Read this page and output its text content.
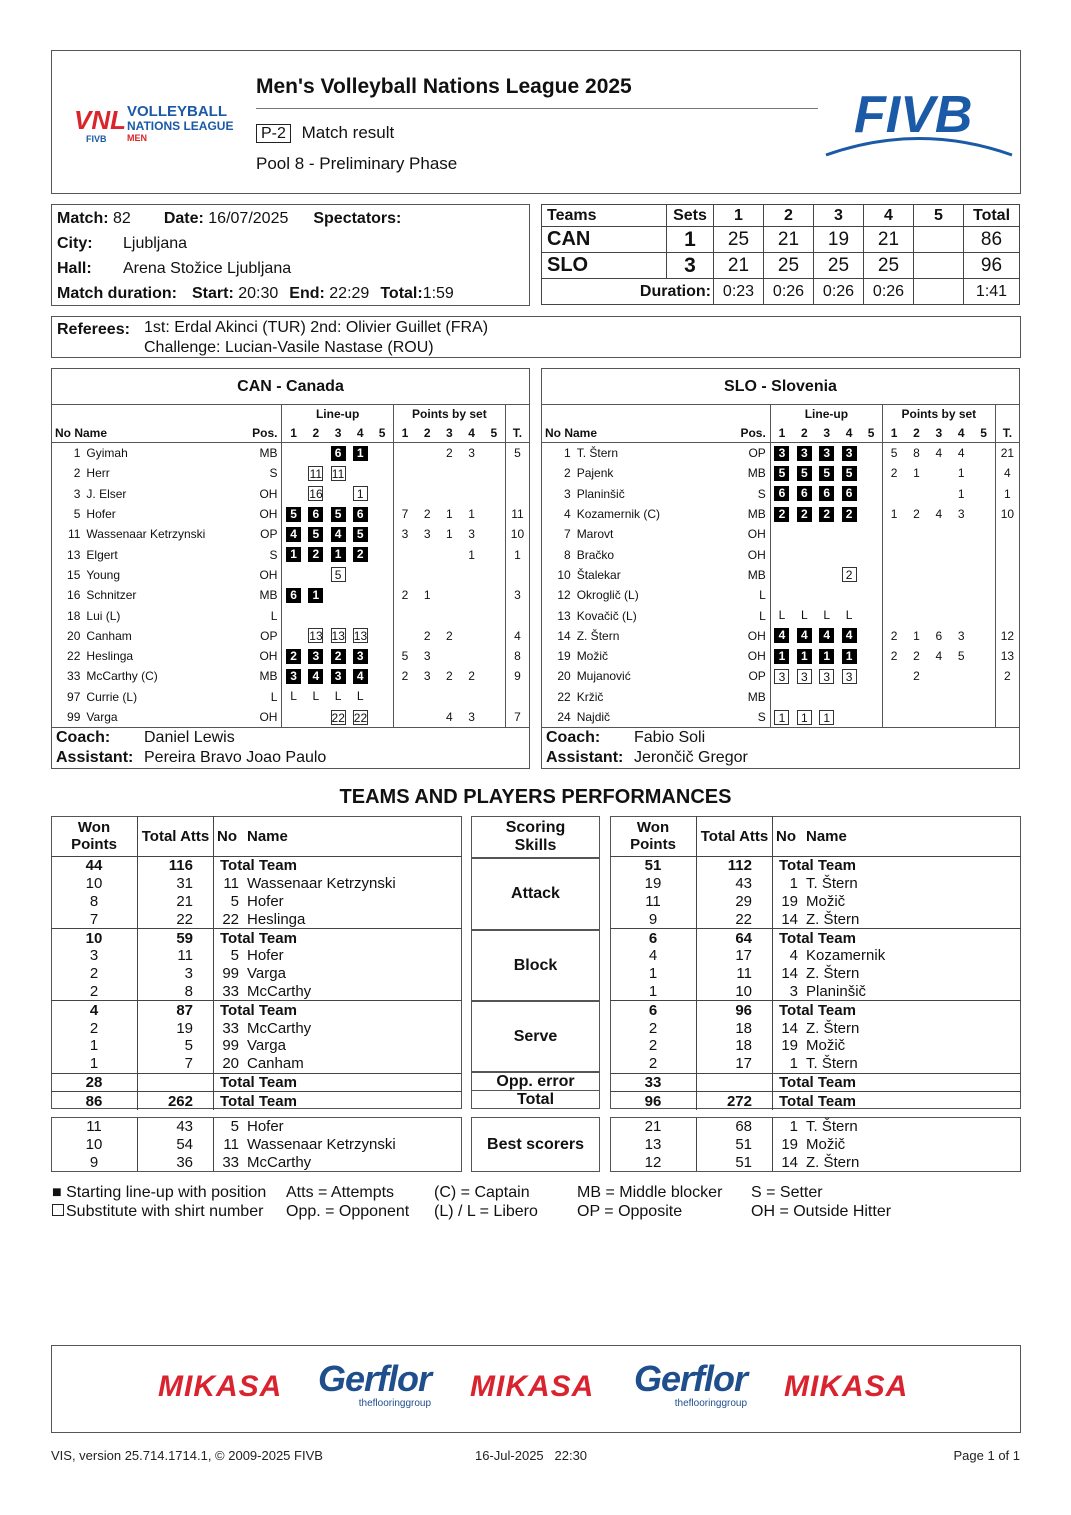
VNL
FIVB
VOLLEYBALL
NATIONS LEAGUE
MEN
Men's Volleyball Nations League 2025
P-2 Match result
Pool 8 - Preliminary Phase
FIVB
Match: 82	Date: 16/07/2025	Spectators:
City:	Ljubljana
Hall:	Arena Stožice Ljubljana
Match duration:	Start: 20:30	End: 22:29	Total:1:59
Teams	Sets	1	2	3	4	5	Total
CAN	1	25	21	19	21		86
SLO	3	21	25	25	25		96
Duration:		0:23	0:26	0:26	0:26		1:41
Referees: 1st: Erdal Akinci (TUR) 2nd: Olivier Guillet (FRA)
Challenge: Lucian-Vasile Nastase (ROU)
CAN - Canada
			Line-up					Points by set					
No Name		Pos.	1	2	3	4	5	1	2	3	4	5	T.
1	Gyimah	MB			6	1				2	3		5
2	Herr	S		11	11								
3	J. Elser	OH		16		1							
5	Hofer	OH	5	6	5	6		7	2	1	1		11
11	Wassenaar Ketrzynski	OP	4	5	4	5		3	3	1	3		10
13	Elgert	S	1	2	1	2					1		1
15	Young	OH			5								
16	Schnitzer	MB	6	1				2	1				3
18	Lui (L)	L											
20	Canham	OP		13	13	13			2	2			4
22	Heslinga	OH	2	3	2	3		5	3				8
33	McCarthy (C)	MB	3	4	3	4		2	3	2	2		9
97	Currie (L)	L	L	L	L	L							
99	Varga	OH			22	22				4	3		7
Coach: Daniel Lewis
Assistant: Pereira Bravo Joao Paulo
SLO - Slovenia
			Line-up					Points by set					
No Name		Pos.	1	2	3	4	5	1	2	3	4	5	T.
1	T. Štern	OP	3	3	3	3		5	8	4	4		21
2	Pajenk	MB	5	5	5	5		2	1		1		4
3	Planinšič	S	6	6	6	6					1		1
4	Kozamernik (C)	MB	2	2	2	2		1	2	4	3		10
7	Marovt	OH											
8	Bračko	OH											
10	Štalekar	MB				2							
12	Okroglič (L)	L											
13	Kovačič (L)	L	L	L	L	L							
14	Z. Štern	OH	4	4	4	4		2	1	6	3		12
19	Možič	OH	1	1	1	1		2	2	4	5		13
20	Mujanović	OP	3	3	3	3			2				2
22	Kržič	MB											
24	Najdič	S	1	1	1								
Coach: Fabio Soli
Assistant: Jerončič Gregor
TEAMS AND PLAYERS PERFORMANCES
Won Points	Total Atts	No Name
44	116	Total Team
10	31	11 Wassenaar Ketrzynski
8	21	5 Hofer
7	22	22 Heslinga
10	59	Total Team
3	11	5 Hofer
2	3	99 Varga
2	8	33 McCarthy
4	87	Total Team
2	19	33 McCarthy
1	5	99 Varga
1	7	20 Canham
28		Total Team
86	262	Total Team
Won Points	Total Atts	No Name
51	112	Total Team
19	43	1 T. Štern
11	29	19 Možič
9	22	14 Z. Štern
6	64	Total Team
4	17	4 Kozamernik
1	11	14 Z. Štern
1	10	3 Planinšič
6	96	Total Team
2	18	14 Z. Štern
2	18	19 Možič
2	17	1 T. Štern
33		Total Team
96	272	Total Team
Scoring Skills
Attack
Block
Serve
Opp. error
Total
11	43	5 Hofer
10	54	11 Wassenaar Ketrzynski
9	36	33 McCarthy
21	68	1 T. Štern
13	51	19 Možič
12	51	14 Z. Štern
Best scorers
■ Starting line-up with position
Substitute with shirt number
Atts = Attempts
Opp. = Opponent
(C) = Captain
(L) / L = Libero
MB = Middle blocker
OP = Opposite
S = Setter
OH = Outside Hitter
MIKASA Gerflor
theflooringgroup
MIKASA Gerflor
theflooringgroup
MIKASA
VIS, version 25.714.1714.1, © 2009-2025 FIVB	16-Jul-2025   22:30	Page 1 of 1
